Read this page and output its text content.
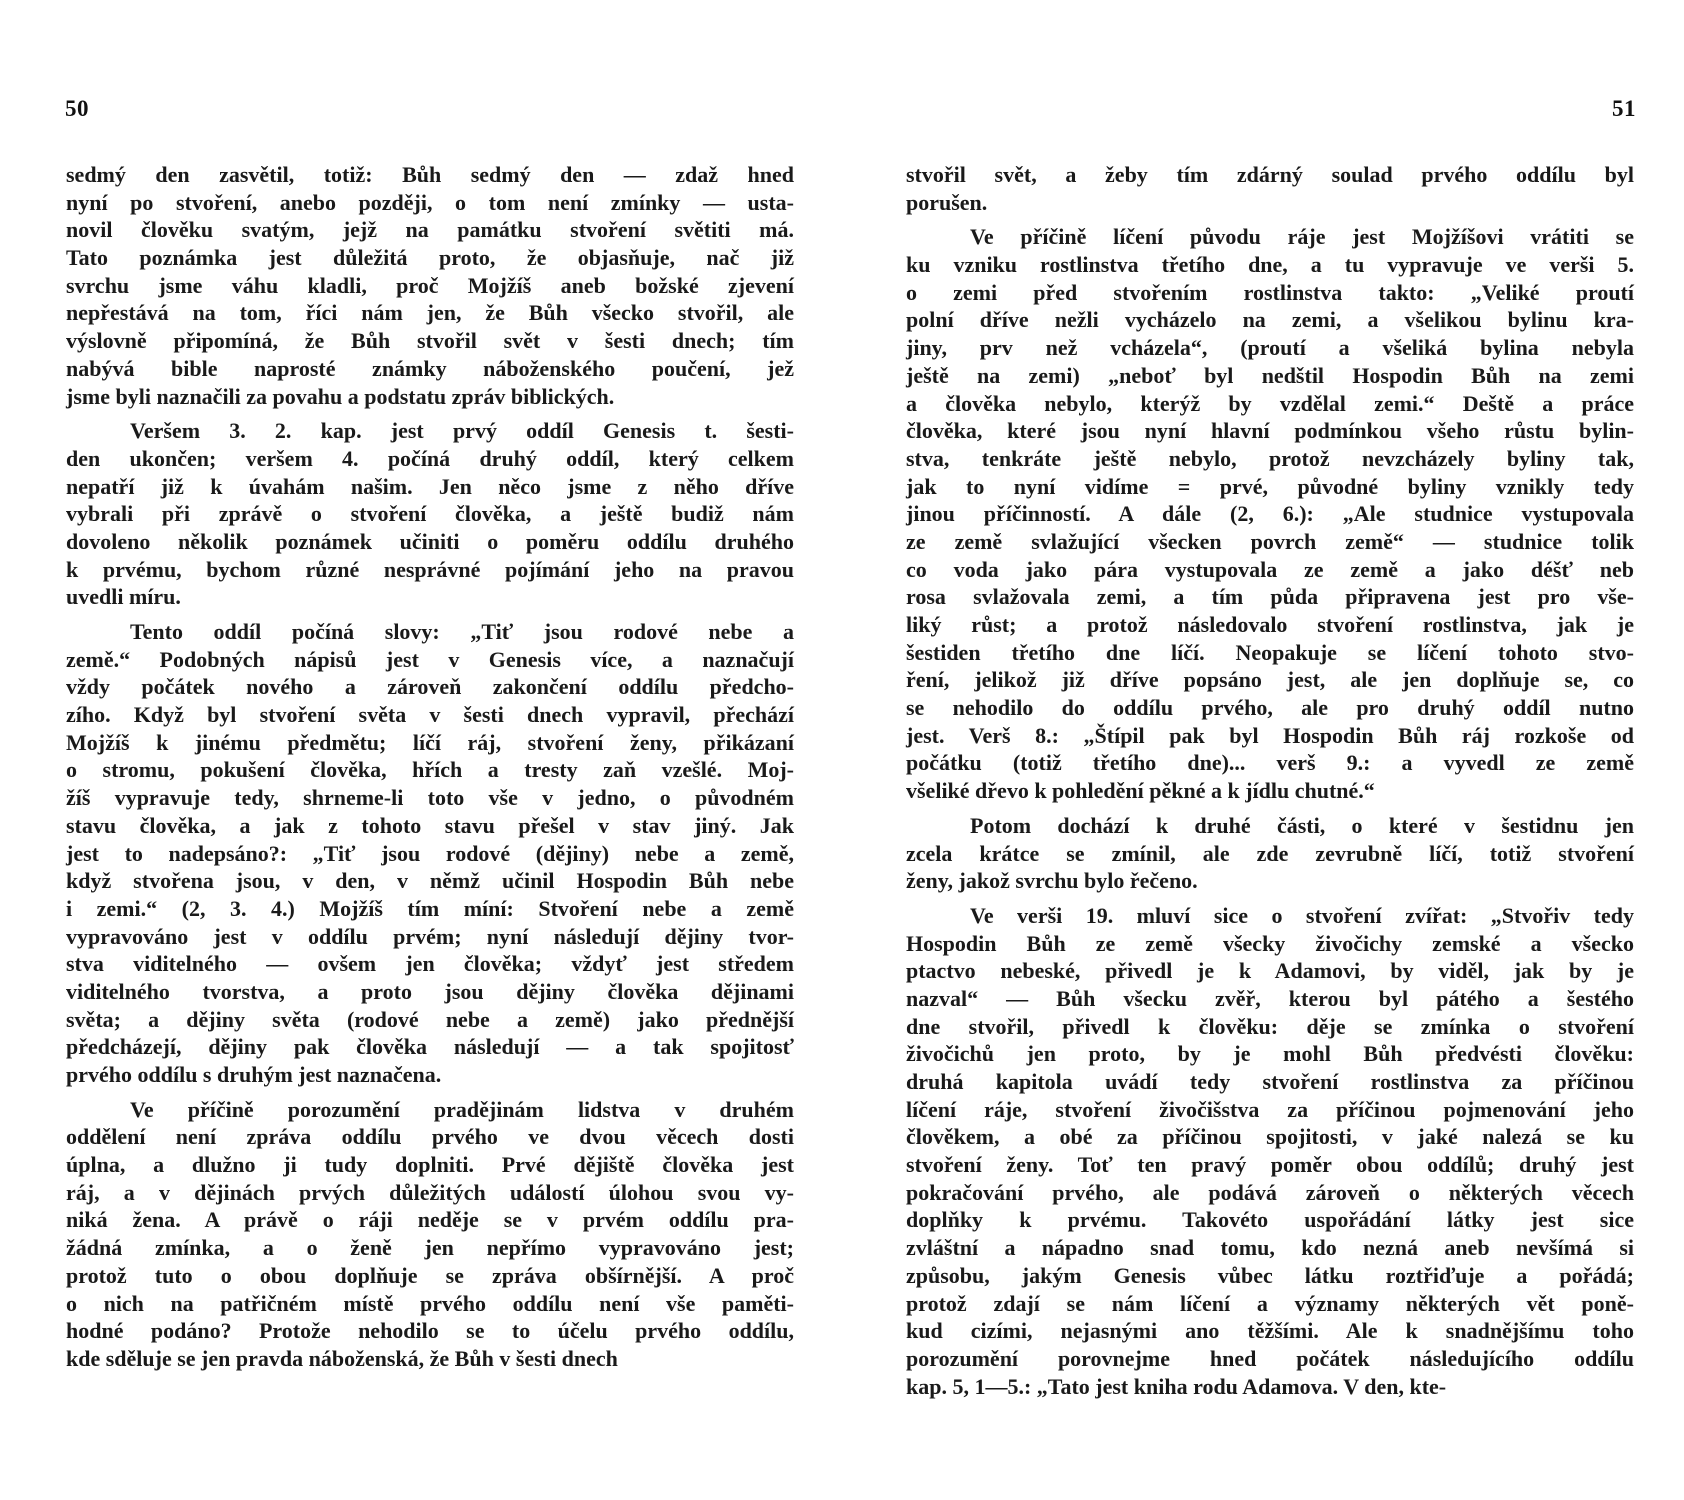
50	51
sedmý den zasvětil, totiž: Bůh sedmý den — zdaž hned
nyní po stvoření, anebo později, o tom není zmínky — usta-
novil člověku svatým, jejž na památku stvoření světiti má.
Tato poznámka jest důležitá proto, že objasňuje, nač již
svrchu jsme váhu kladli, proč Mojžíš aneb božské zjevení
nepřestává na tom, říci nám jen, že Bůh všecko stvořil, ale
výslovně připomíná, že Bůh stvořil svět v šesti dnech; tím
nabývá bible naprosté známky náboženského poučení, jež
jsme byli naznačili za povahu a podstatu zpráv biblických.
Veršem 3. 2. kap. jest prvý oddíl Genesis t. šesti-
den ukončen; veršem 4. počíná druhý oddíl, který celkem
nepatří již k úvahám našim. Jen něco jsme z něho dříve
vybrali při zprávě o stvoření člověka, a ještě budiž nám
dovoleno několik poznámek učiniti o poměru oddílu druhého
k prvému, bychom různé nesprávné pojímání jeho na pravou
uvedli míru.
Tento oddíl počíná slovy: „Tiť jsou rodové nebe a
země.“ Podobných nápisů jest v Genesis více, a naznačují
vždy počátek nového a zároveň zakončení oddílu předcho-
zího. Když byl stvoření světa v šesti dnech vypravil, přechází
Mojžíš k jinému předmětu; líčí ráj, stvoření ženy, přikázaní
o stromu, pokušení člověka, hřích a tresty zaň vzešlé. Moj-
žíš vypravuje tedy, shrneme-li toto vše v jedno, o původném
stavu člověka, a jak z tohoto stavu přešel v stav jiný. Jak
jest to nadepsáno?: „Tiť jsou rodové (dějiny) nebe a země,
když stvořena jsou, v den, v němž učinil Hospodin Bůh nebe
i zemi.“ (2, 3. 4.) Mojžíš tím míní: Stvoření nebe a země
vypravováno jest v oddílu prvém; nyní následují dějiny tvor-
stva viditelného — ovšem jen člověka; vždyť jest středem
viditelného tvorstva, a proto jsou dějiny člověka dějinami
světa; a dějiny světa (rodové nebe a země) jako přednější
předcházejí, dějiny pak člověka následují — a tak spojitosť
prvého oddílu s druhým jest naznačena.
Ve příčině porozumění pradějinám lidstva v druhém
oddělení není zpráva oddílu prvého ve dvou věcech dosti
úplna, a dlužno ji tudy doplniti. Prvé dějiště člověka jest
ráj, a v dějinách prvých důležitých událostí úlohou svou vy-
niká žena. A právě o ráji neděje se v prvém oddílu pra-
žádná zmínka, a o ženě jen nepřímo vypravováno jest;
protož tuto o obou doplňuje se zpráva obšírnější. A proč
o nich na patřičném místě prvého oddílu není vše paměti-
hodné podáno? Protože nehodilo se to účelu prvého oddílu,
kde sděluje se jen pravda náboženská, že Bůh v šesti dnech
stvořil svět, a žeby tím zdárný soulad prvého oddílu byl
porušen.
Ve příčině líčení původu ráje jest Mojžíšovi vrátiti se
ku vzniku rostlinstva třetího dne, a tu vypravuje ve verši 5.
o zemi před stvořením rostlinstva takto: „Veliké proutí
polní dříve nežli vycházelo na zemi, a všelikou bylinu kra-
jiny, prv než vcházela“, (proutí a všeliká bylina nebyla
ještě na zemi) „neboť byl nedštil Hospodin Bůh na zemi
a člověka nebylo, kterýž by vzdělal zemi.“ Deště a práce
člověka, které jsou nyní hlavní podmínkou všeho růstu bylin-
stva, tenkráte ještě nebylo, protož nevzcházely byliny tak,
jak to nyní vidíme = prvé, původné byliny vznikly tedy
jinou příčinností. A dále (2, 6.): „Ale studnice vystupovala
ze země svlažující všecken povrch země“ — studnice tolik
co voda jako pára vystupovala ze země a jako déšť neb
rosa svlažovala zemi, a tím půda připravena jest pro vše-
liký růst; a protož následovalo stvoření rostlinstva, jak je
šestiden třetího dne líčí. Neopakuje se líčení tohoto stvo-
ření, jelikož již dříve popsáno jest, ale jen doplňuje se, co
se nehodilo do oddílu prvého, ale pro druhý oddíl nutno
jest. Verš 8.: „Štípil pak byl Hospodin Bůh ráj rozkoše od
počátku (totiž třetího dne)... verš 9.: a vyvedl ze země
všeliké dřevo k pohledění pěkné a k jídlu chutné.“
Potom dochází k druhé části, o které v šestidnu jen
zcela krátce se zmínil, ale zde zevrubně líčí, totiž stvoření
ženy, jakož svrchu bylo řečeno.
Ve verši 19. mluví sice o stvoření zvířat: „Stvořiv tedy
Hospodin Bůh ze země všecky živočichy zemské a všecko
ptactvo nebeské, přivedl je k Adamovi, by viděl, jak by je
nazval“ — Bůh všecku zvěř, kterou byl pátého a šestého
dne stvořil, přivedl k člověku: děje se zmínka o stvoření
živočichů jen proto, by je mohl Bůh předvésti člověku:
druhá kapitola uvádí tedy stvoření rostlinstva za příčinou
líčení ráje, stvoření živočišstva za příčinou pojmenování jeho
člověkem, a obé za příčinou spojitosti, v jaké nalezá se ku
stvoření ženy. Toť ten pravý poměr obou oddílů; druhý jest
pokračování prvého, ale podává zároveň o některých věcech
doplňky k prvému. Takovéto uspořádání látky jest sice
zvláštní a nápadno snad tomu, kdo nezná aneb nevšímá si
způsobu, jakým Genesis vůbec látku roztřiďuje a pořádá;
protož zdají se nám líčení a významy některých vět poně-
kud cizími, nejasnými ano těžšími. Ale k snadnějšímu toho
porozumění porovnejme hned počátek následujícího oddílu
kap. 5, 1—5.: „Tato jest kniha rodu Adamova. V den, kte-
